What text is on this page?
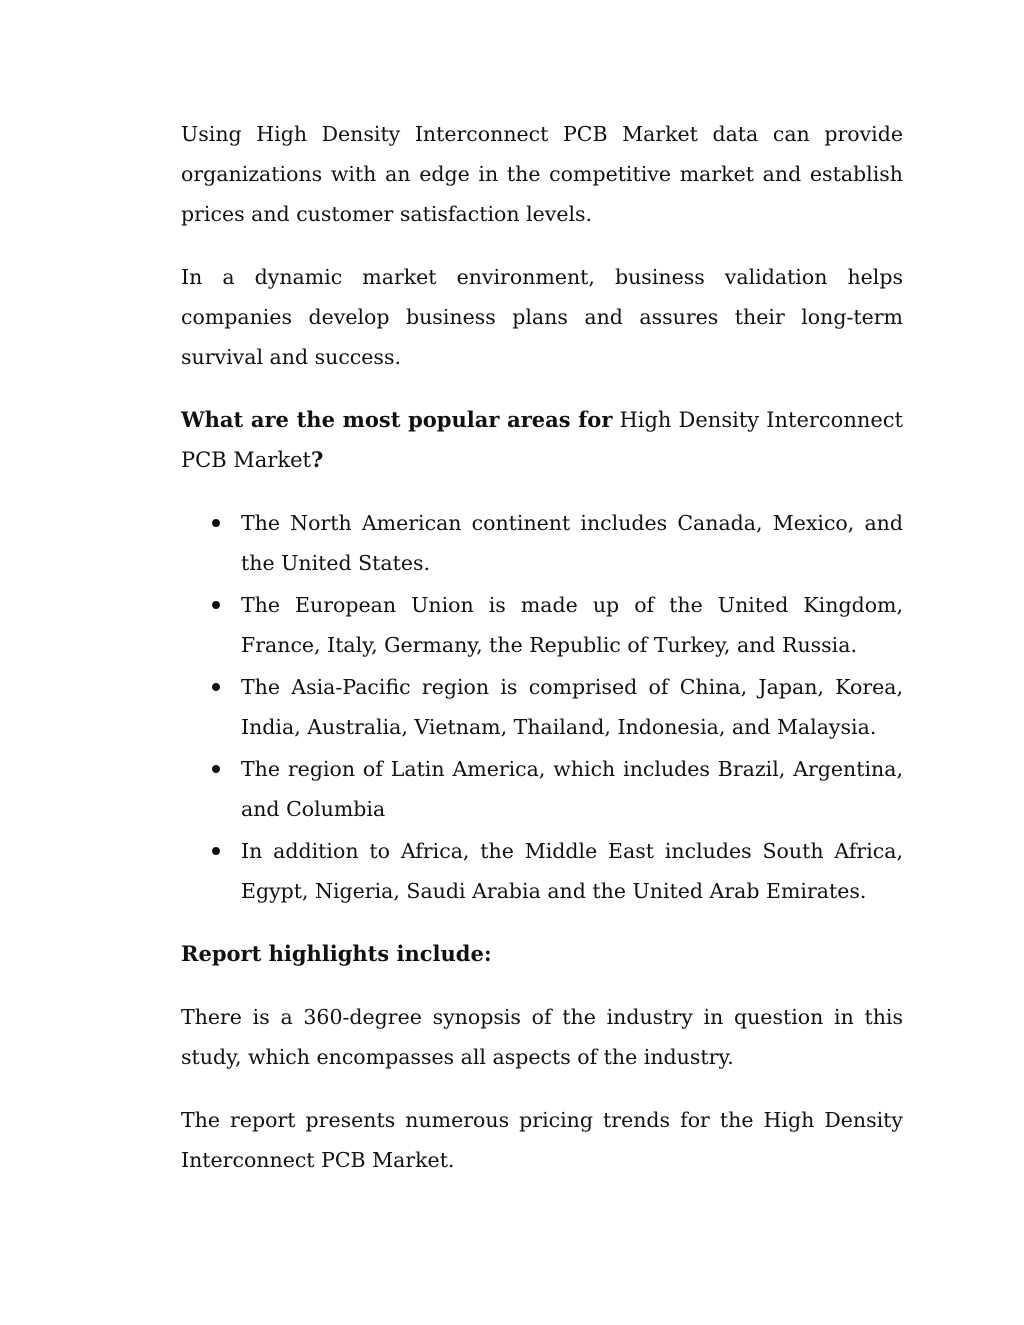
Using High Density Interconnect PCB Market data can provide organizations with an edge in the competitive market and establish prices and customer satisfaction levels.

In a dynamic market environment, business validation helps companies develop business plans and assures their long-term survival and success.

What are the most popular areas for High Density Interconnect PCB Market?

The North American continent includes Canada, Mexico, and the United States.
The European Union is made up of the United Kingdom, France, Italy, Germany, the Republic of Turkey, and Russia.
The Asia-Pacific region is comprised of China, Japan, Korea, India, Australia, Vietnam, Thailand, Indonesia, and Malaysia.
The region of Latin America, which includes Brazil, Argentina, and Columbia
In addition to Africa, the Middle East includes South Africa, Egypt, Nigeria, Saudi Arabia and the United Arab Emirates.

Report highlights include:

There is a 360-degree synopsis of the industry in question in this study, which encompasses all aspects of the industry.

The report presents numerous pricing trends for the High Density Interconnect PCB Market.
